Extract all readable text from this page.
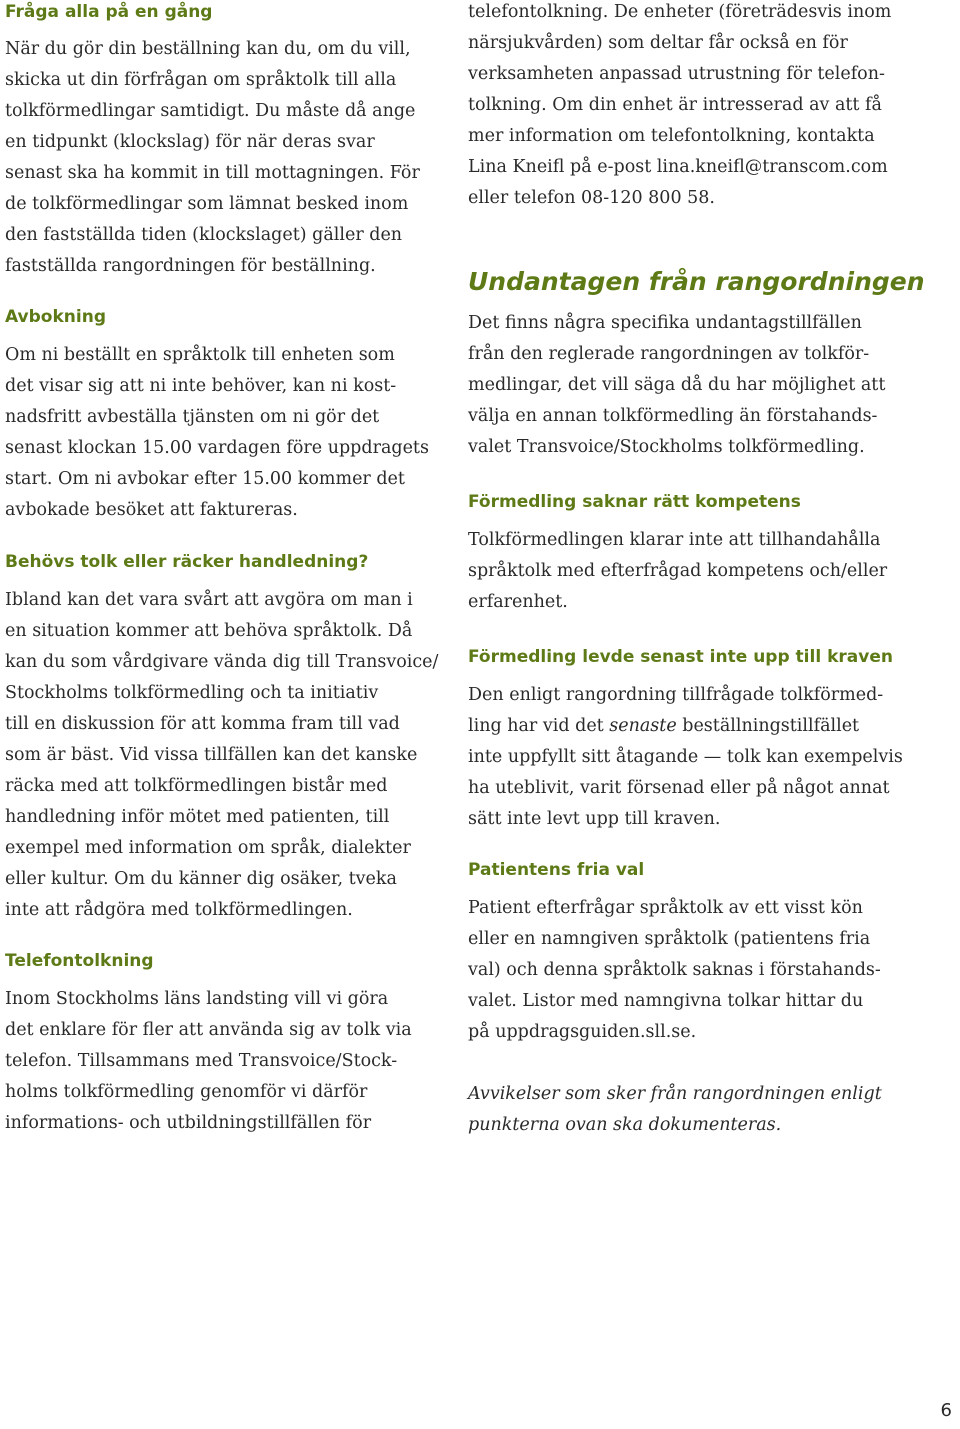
Fråga alla på en gång

När du gör din beställning kan du, om du vill,
skicka ut din förfrågan om språktolk till alla
tolkförmedlingar samtidigt. Du måste då ange
en tidpunkt (klockslag) för när deras svar
senast ska ha kommit in till mottagningen. För
de tolkförmedlingar som lämnat besked inom
den fastställda tiden (klockslaget) gäller den
fastställda rangordningen för beställning.

Avbokning

Om ni beställt en språktolk till enheten som
det visar sig att ni inte behöver, kan ni kost-
nadsfritt avbeställa tjänsten om ni gör det
senast klockan 15.00 vardagen före uppdragets
start. Om ni avbokar efter 15.00 kommer det
avbokade besöket att faktureras.

Behövs tolk eller räcker handledning?

Ibland kan det vara svårt att avgöra om man i
en situation kommer att behöva språktolk. Då
kan du som vårdgivare vända dig till Transvoice/
Stockholms tolkförmedling och ta initiativ
till en diskussion för att komma fram till vad
som är bäst. Vid vissa tillfällen kan det kanske
räcka med att tolkförmedlingen bistår med
handledning inför mötet med patienten, till
exempel med information om språk, dialekter
eller kultur. Om du känner dig osäker, tveka
inte att rådgöra med tolkförmedlingen.

Telefontolkning

Inom Stockholms läns landsting vill vi göra
det enklare för fler att använda sig av tolk via
telefon. Tillsammans med Transvoice/Stock-
holms tolkförmedling genomför vi därför
informations- och utbildningstillfällen för

telefontolkning. De enheter (företrädesvis inom
närsjukvården) som deltar får också en för
verksamheten anpassad utrustning för telefon-
tolkning. Om din enhet är intresserad av att få
mer information om telefontolkning, kontakta
Lina Kneifl på e-post lina.kneifl@transcom.com
eller telefon 08-120 800 58.

Undantagen från rangordningen

Det finns några specifika undantagstillfällen
från den reglerade rangordningen av tolkför-
medlingar, det vill säga då du har möjlighet att
välja en annan tolkförmedling än förstahands-
valet Transvoice/Stockholms tolkförmedling.

Förmedling saknar rätt kompetens

Tolkförmedlingen klarar inte att tillhandahålla
språktolk med efterfrågad kompetens och/eller
erfarenhet.

Förmedling levde senast inte upp till kraven

Den enligt rangordning tillfrågade tolkförmed-
ling har vid det senaste beställningstillfället
inte uppfyllt sitt åtagande — tolk kan exempelvis
ha uteblivit, varit försenad eller på något annat
sätt inte levt upp till kraven.

Patientens fria val

Patient efterfrågar språktolk av ett visst kön
eller en namngiven språktolk (patientens fria
val) och denna språktolk saknas i förstahands-
valet. Listor med namngivna tolkar hittar du
på uppdragsguiden.sll.se.

Avvikelser som sker från rangordningen enligt
punkterna ovan ska dokumenteras.

6
